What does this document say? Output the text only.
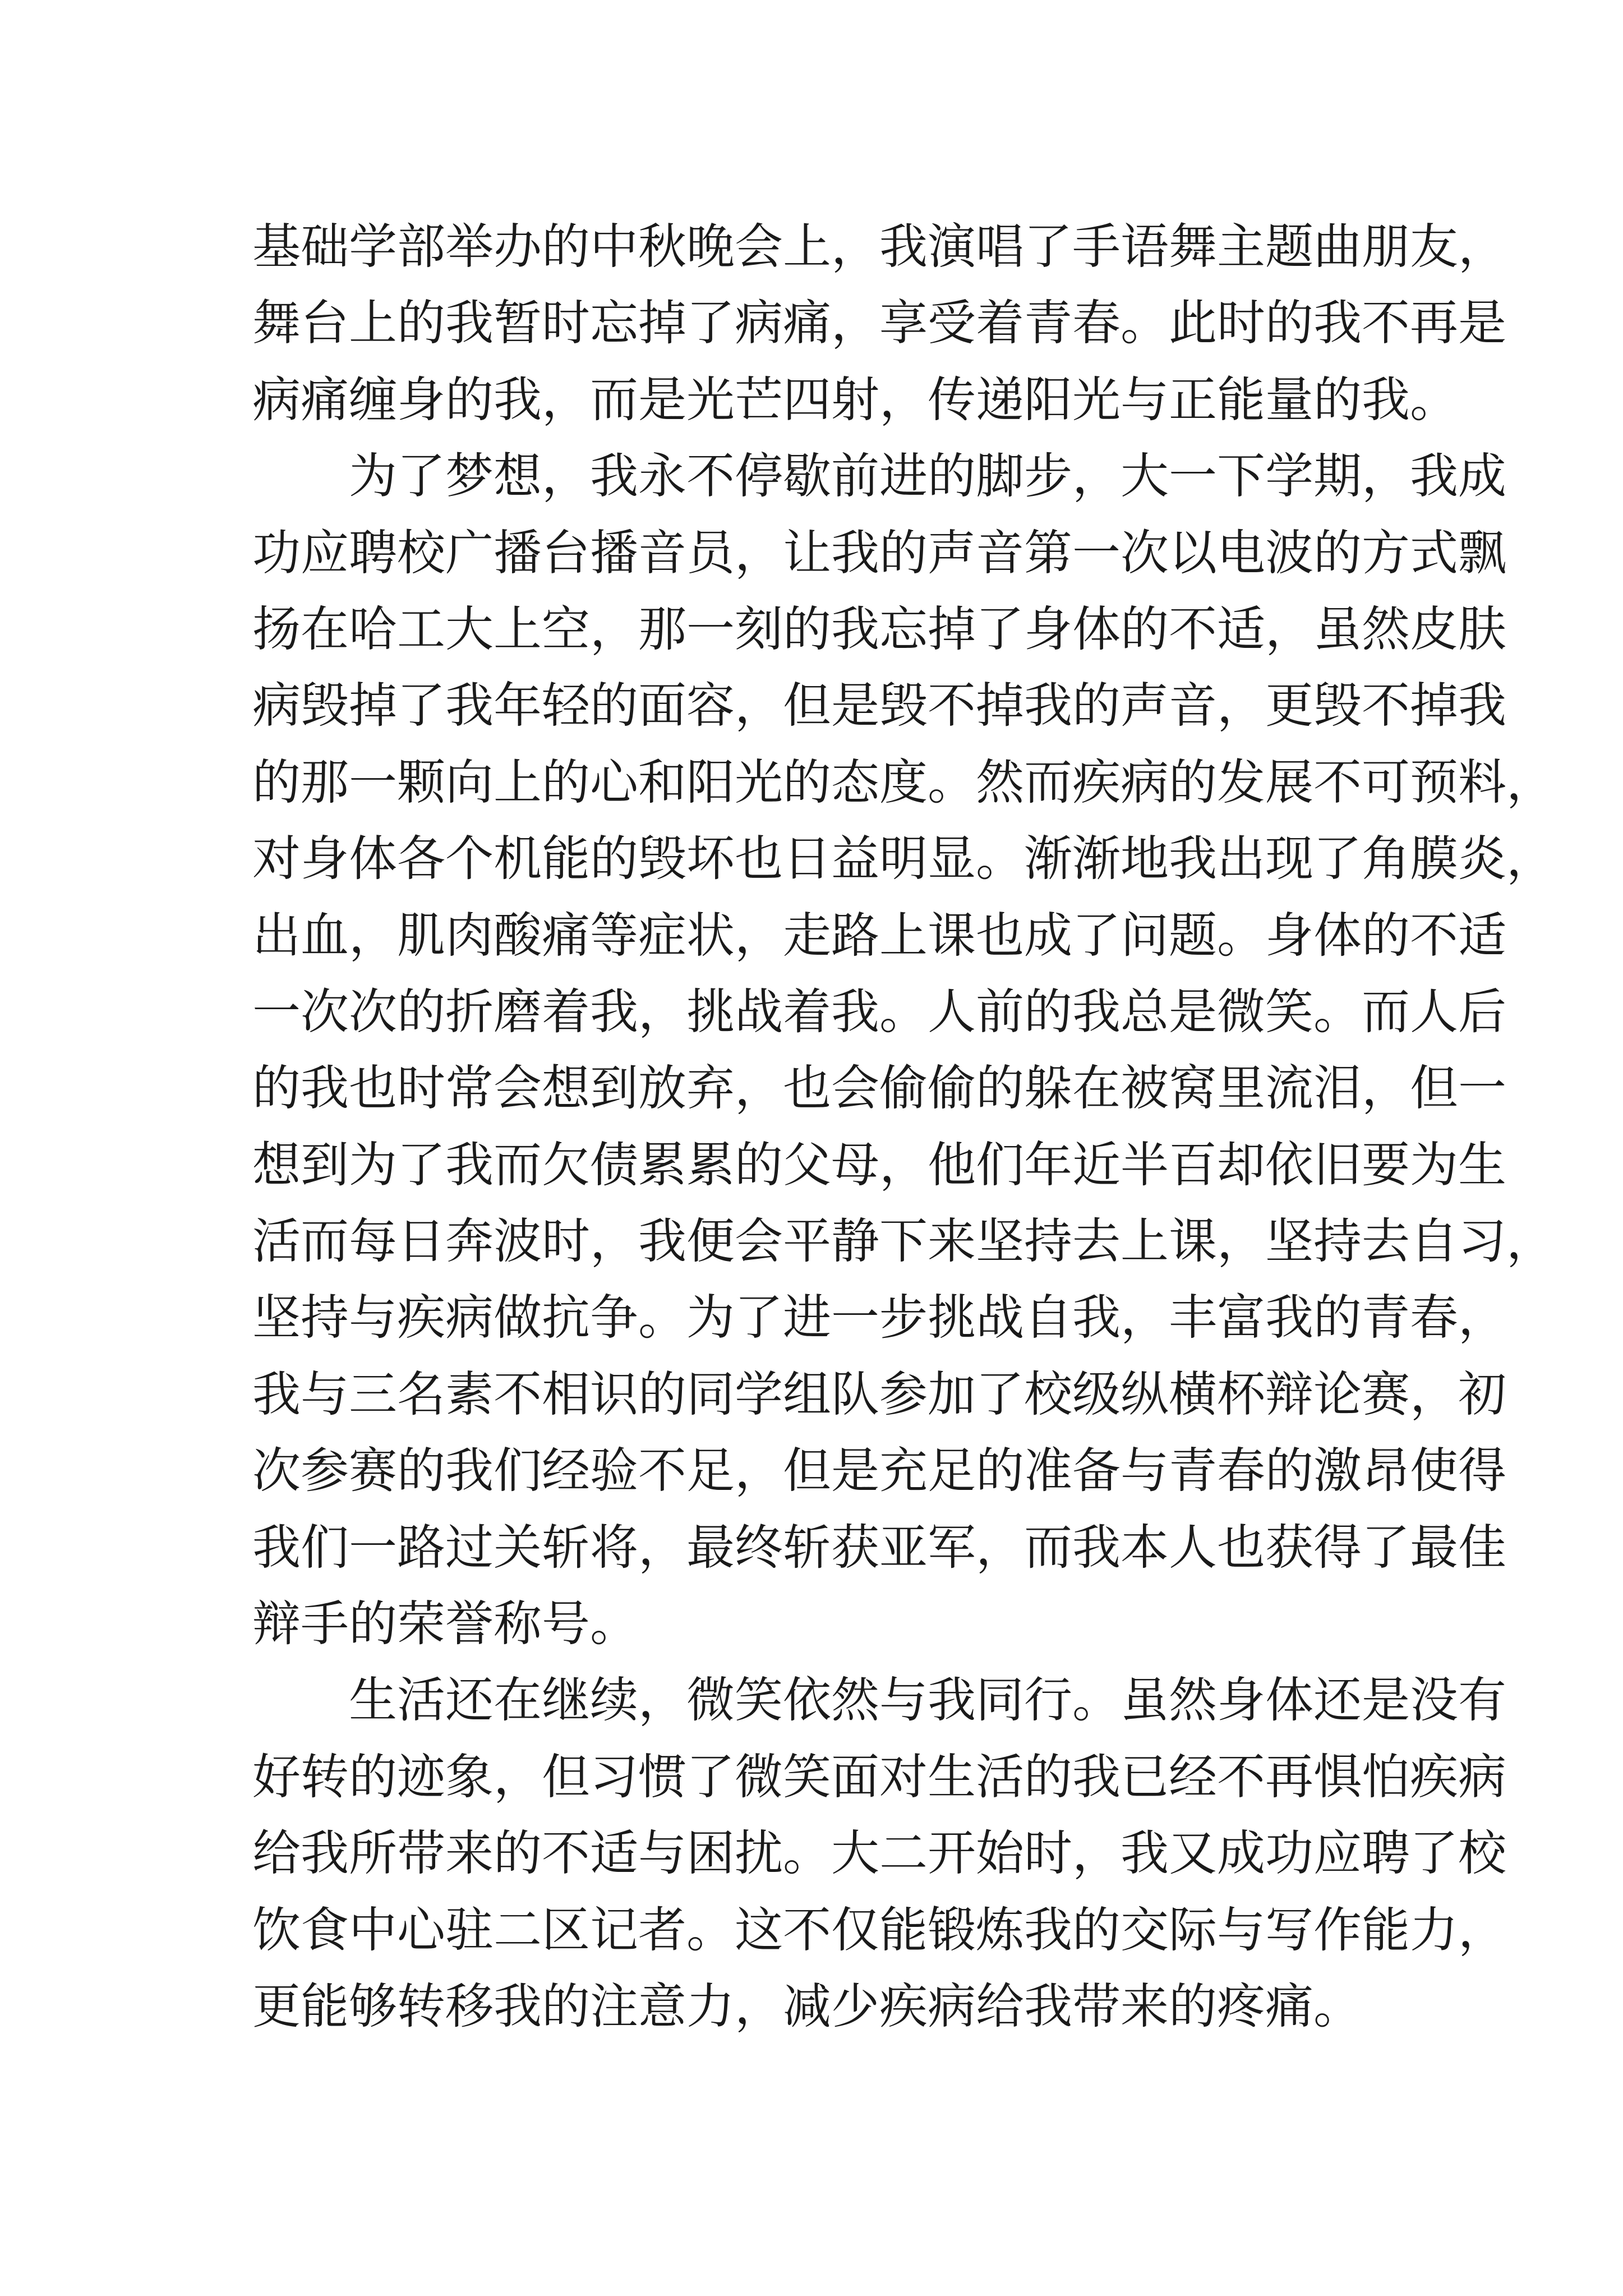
基础学部举办的中秋晚会上，我演唱了手语舞主题曲朋友，
舞台上的我暂时忘掉了病痛，享受着青春。此时的我不再是
病痛缠身的我，而是光芒四射，传递阳光与正能量的我。
为了梦想，我永不停歇前进的脚步，大一下学期，我成
功应聘校广播台播音员，让我的声音第一次以电波的方式飘
扬在哈工大上空，那一刻的我忘掉了身体的不适，虽然皮肤
病毁掉了我年轻的面容，但是毁不掉我的声音，更毁不掉我
的那一颗向上的心和阳光的态度。然而疾病的发展不可预料，
对身体各个机能的毁坏也日益明显。渐渐地我出现了角膜炎，
出血，肌肉酸痛等症状，走路上课也成了问题。身体的不适
一次次的折磨着我，挑战着我。人前的我总是微笑。而人后
的我也时常会想到放弃，也会偷偷的躲在被窝里流泪，但一
想到为了我而欠债累累的父母，他们年近半百却依旧要为生
活而每日奔波时，我便会平静下来坚持去上课，坚持去自习，
坚持与疾病做抗争。为了进一步挑战自我，丰富我的青春，
我与三名素不相识的同学组队参加了校级纵横杯辩论赛，初
次参赛的我们经验不足，但是充足的准备与青春的激昂使得
我们一路过关斩将，最终斩获亚军，而我本人也获得了最佳
辩手的荣誉称号。
生活还在继续，微笑依然与我同行。虽然身体还是没有
好转的迹象，但习惯了微笑面对生活的我已经不再惧怕疾病
给我所带来的不适与困扰。大二开始时，我又成功应聘了校
饮食中心驻二区记者。这不仅能锻炼我的交际与写作能力，
更能够转移我的注意力，减少疾病给我带来的疼痛。
